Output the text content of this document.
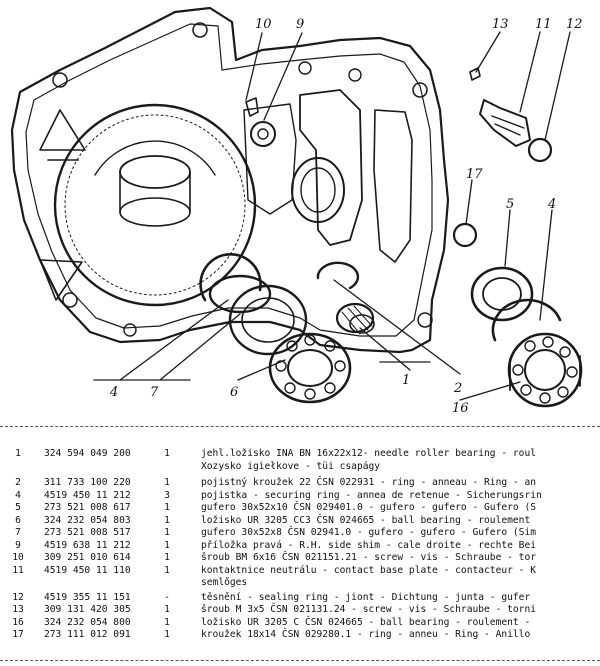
10 9	13 11 12
17
5	4
4 7	6
1
2
16
1	324 594 049 200	1	jehl.ložisko INA BN 16x22x12- needle roller bearing - roul
Xozysko igiełkove - tüi csapágy
2	311 733 100 220	1	pojistný kroužek 22 ČSN 022931 - ring - anneau - Ring - an
4	4519 450 11 212	3	pojistka - securing ring - annea de retenue - Sicherungsrin
5	273 521 008 617	1	gufero 30x52x10 ČSN 029401.0 - gufero - gufero - Gufero (S
6	324 232 054 803	1	ložisko UR 3205 CC3 ČSN 024665 - ball bearing - roulement
7	273 521 008 517	1	gufero 30x52x8 ČSN 02941.0 - gufero - gufero - Gufero (Sim
9	4519 638 11 212	1	příložka pravá - R.H. side shim - cale droite - rechte Bei
10	309 251 010 614	1	šroub BM 6x16 ČSN 021151.21 - screw - vis - Schraube - tor
11	4519 450 11 110	1	kontaktnice neutrálu - contact base plate - contacteur - K
semlőges
12	4519 355 11 151	-	těsnění - sealing ring - jiont - Dichtung - junta - gufer
13	309 131 420 305	1	šroub M 3x5 ČSN 021131.24 - screw - vis - Schraube - torni
16	324 232 054 800	1	ložisko UR 3205 C ČSN 024665 - ball bearing - roulement -
17	273 111 012 091	1	kroužek 18x14 ČSN 029280.1 - ring - anneu - Ring - Anillo
